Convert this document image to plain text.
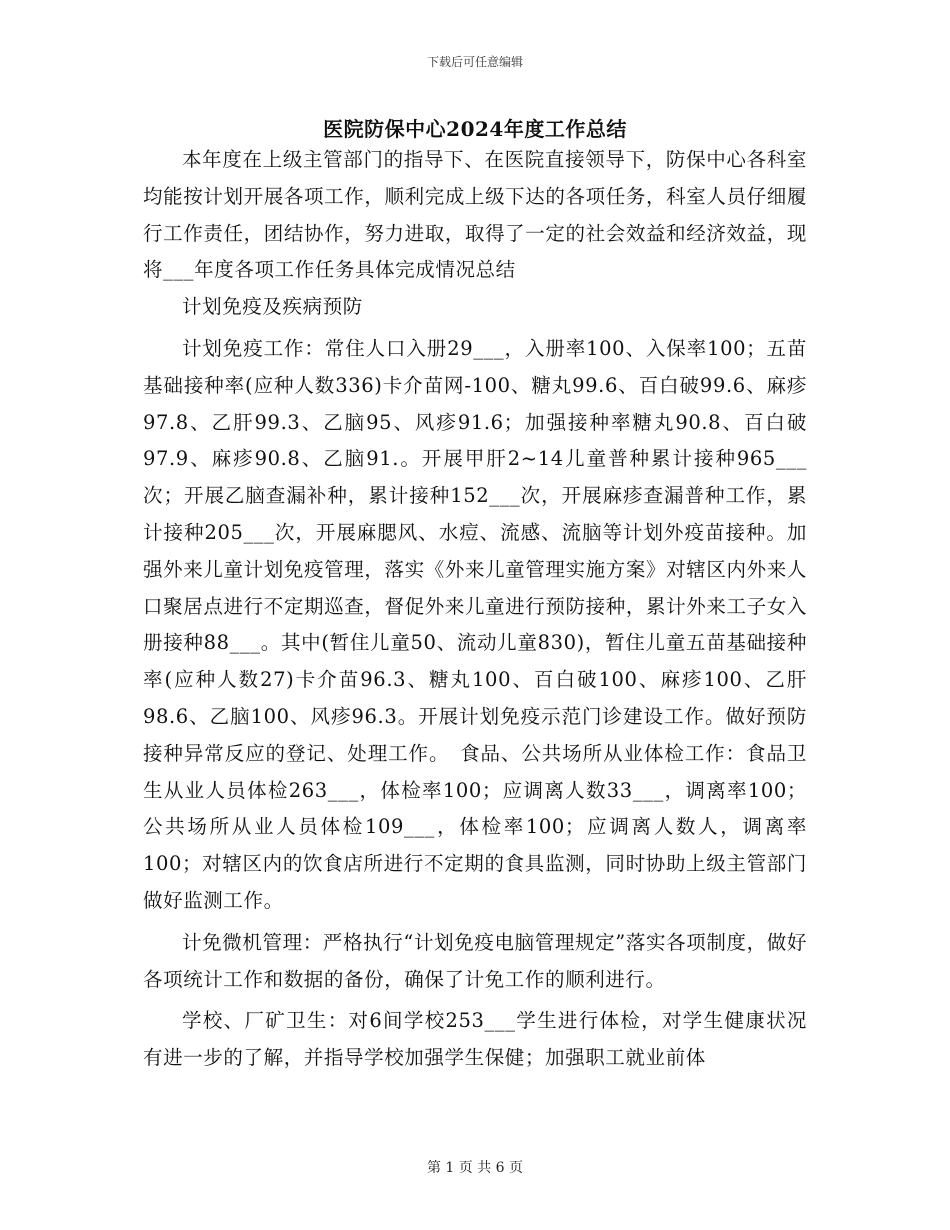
下载后可任意编辑
医院防保中心2024年度工作总结

本年度在上级主管部门的指导下、在医院直接领导下，防保中心各科室均能按计划开展各项工作，顺利完成上级下达的各项任务，科室人员仔细履行工作责任，团结协作，努力进取，取得了一定的社会效益和经济效益，现将___年度各项工作任务具体完成情况总结

计划免疫及疾病预防

计划免疫工作：常住人口入册29___，入册率100、入保率100；五苗基础接种率(应种人数336)卡介苗网-100、糖丸99.6、百白破99.6、麻疹97.8、乙肝99.3、乙脑95、风疹91.6；加强接种率糖丸90.8、百白破97.9、麻疹90.8、乙脑91.。开展甲肝2~14儿童普种累计接种965___次；开展乙脑查漏补种，累计接种152___次，开展麻疹查漏普种工作，累计接种205___次，开展麻腮风、水痘、流感、流脑等计划外疫苗接种。加强外来儿童计划免疫管理，落实《外来儿童管理实施方案》对辖区内外来人口聚居点进行不定期巡查，督促外来儿童进行预防接种，累计外来工子女入册接种88___。其中(暂住儿童50、流动儿童830)，暂住儿童五苗基础接种率(应种人数27)卡介苗96.3、糖丸100、百白破100、麻疹100、乙肝98.6、乙脑100、风疹96.3。开展计划免疫示范门诊建设工作。做好预防接种异常反应的登记、处理工作。　食品、公共场所从业体检工作：食品卫生从业人员体检263___，体检率100；应调离人数33___，调离率100；公共场所从业人员体检109___，体检率100；应调离人数人，调离率100；对辖区内的饮食店所进行不定期的食具监测，同时协助上级主管部门做好监测工作。

计免微机管理：严格执行“计划免疫电脑管理规定”落实各项制度，做好各项统计工作和数据的备份，确保了计免工作的顺利进行。

学校、厂矿卫生：对6间学校253___学生进行体检，对学生健康状况有进一步的了解，并指导学校加强学生保健；加强职工就业前体

第 1 页 共 6 页
